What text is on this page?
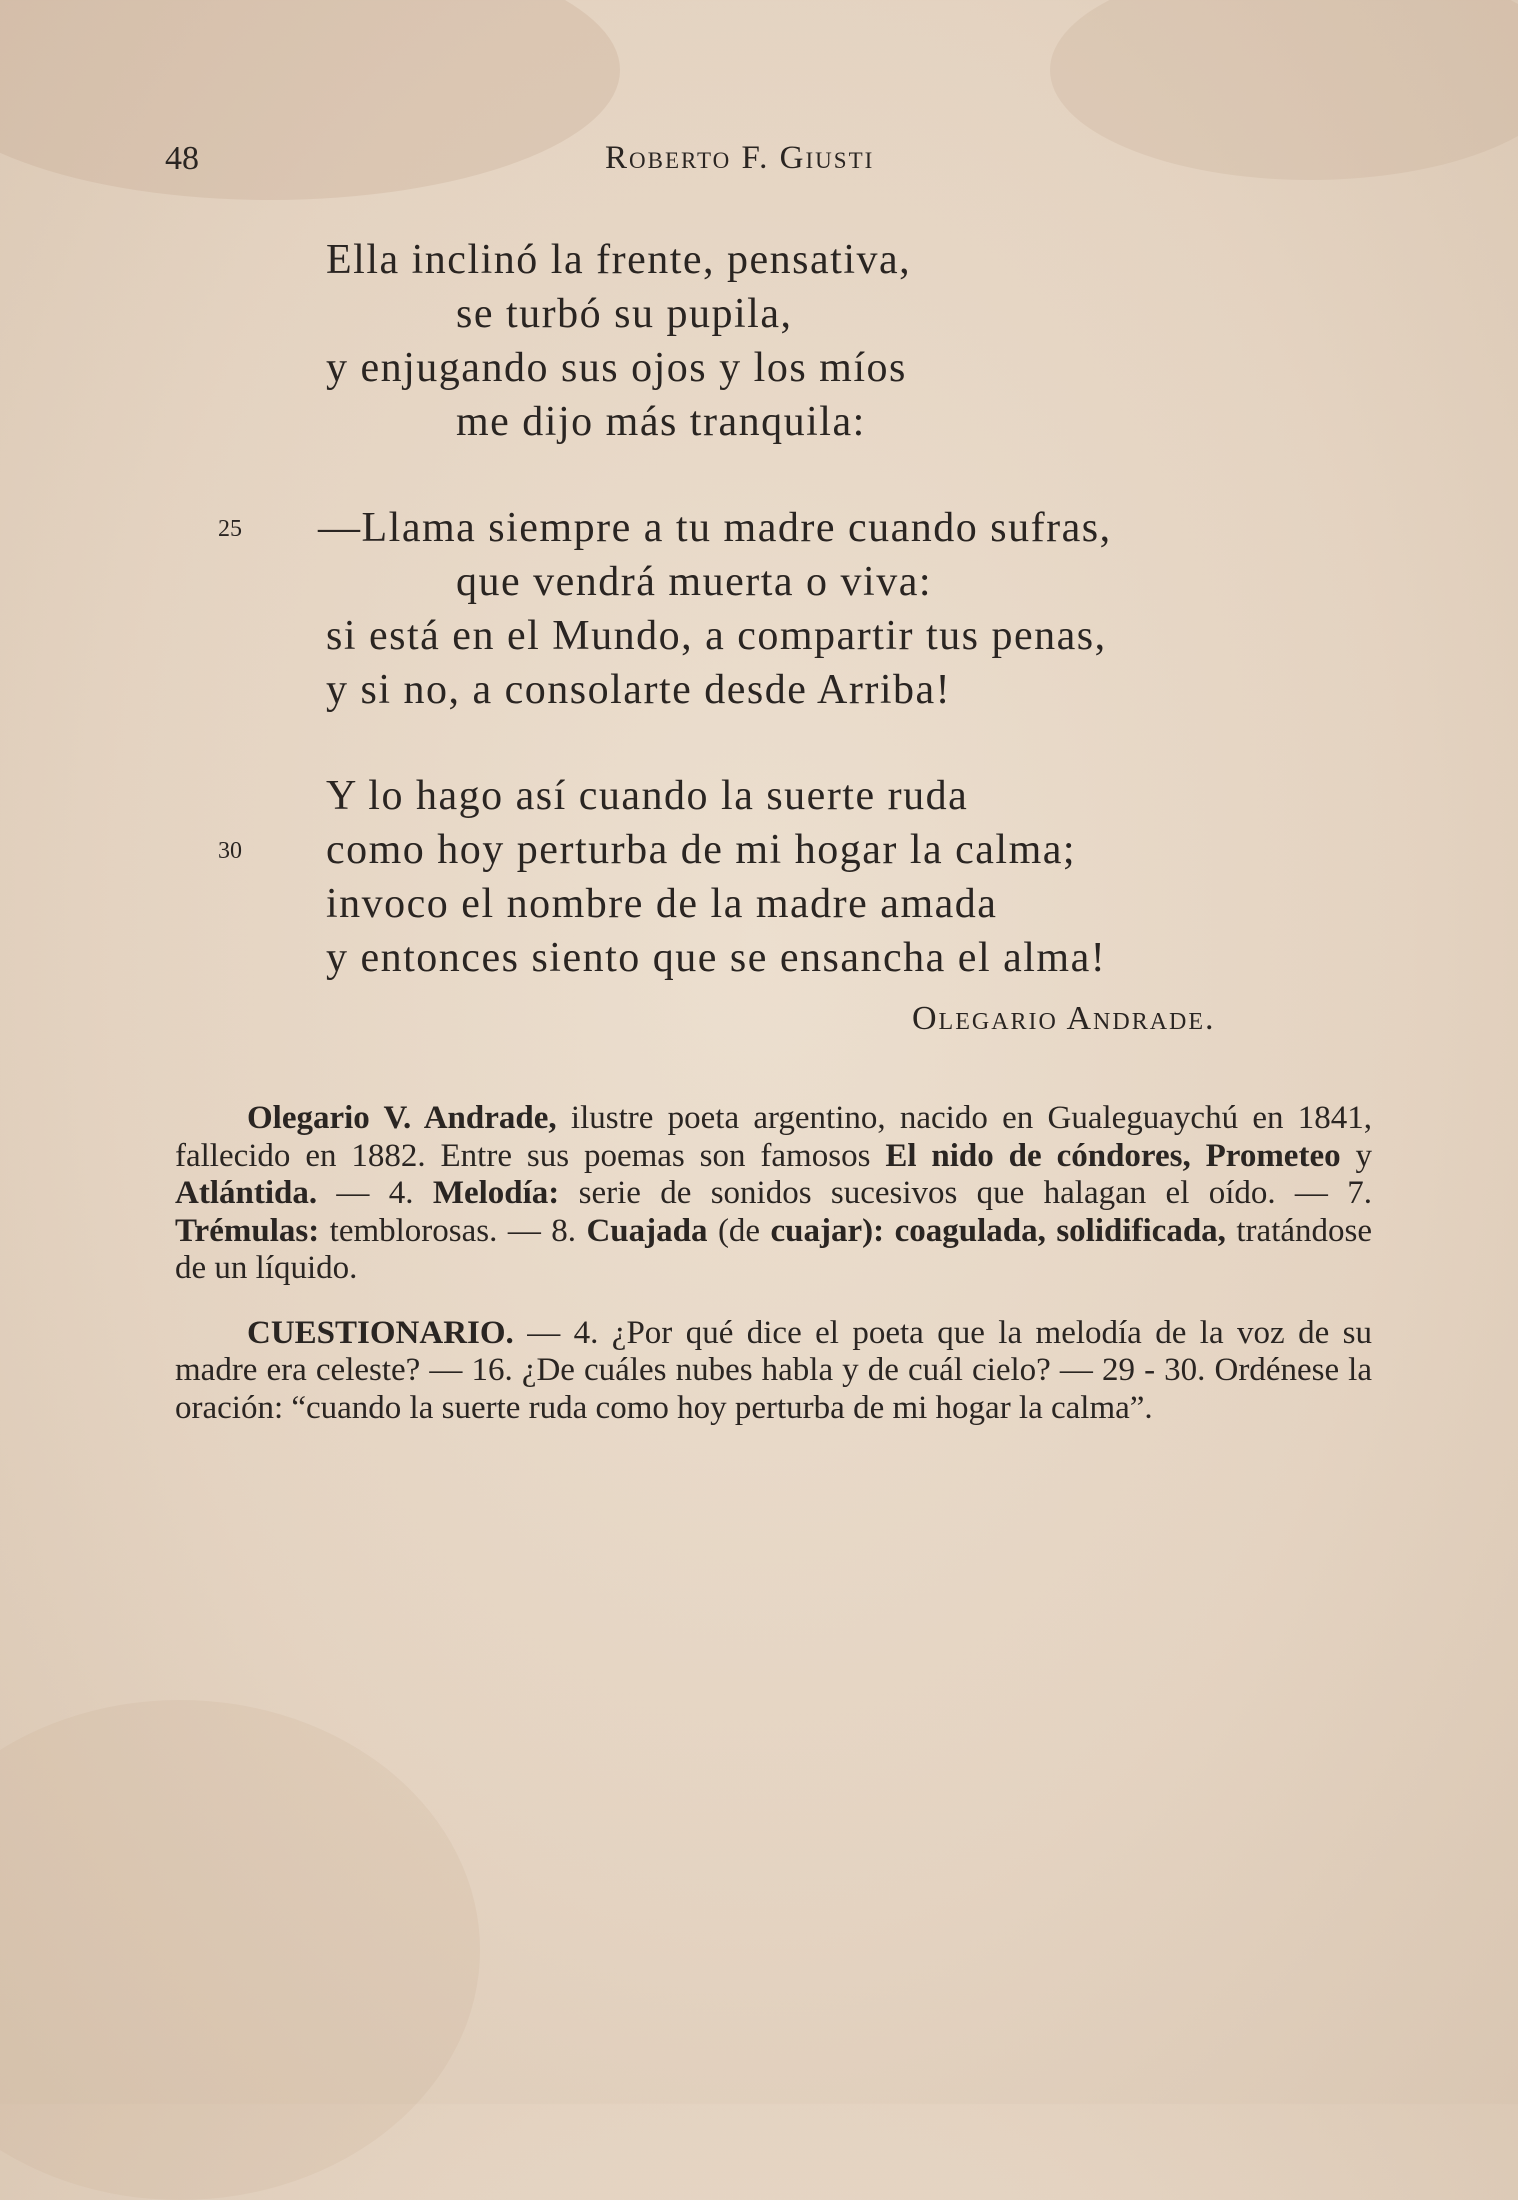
48	Roberto F. Giusti
Ella inclinó la frente, pensativa,
se turbó su pupila,
y enjugando sus ojos y los míos
me dijo más tranquila:
25 —Llama siempre a tu madre cuando sufras,
que vendrá muerta o viva:
si está en el Mundo, a compartir tus penas,
y si no, a consolarte desde Arriba!
Y lo hago así cuando la suerte ruda
30 como hoy perturba de mi hogar la calma;
invoco el nombre de la madre amada
y entonces siento que se ensancha el alma!
Olegario Andrade.

Olegario V. Andrade, ilustre poeta argentino, nacido en Gualeguaychú en 1841, fallecido en 1882. Entre sus poemas son famosos El nido de cóndores, Prometeo y Atlántida. — 4. Melodía: serie de sonidos sucesivos que halagan el oído. — 7. Trémulas: temblorosas. — 8. Cuajada (de cuajar): coagulada, solidificada, tratándose de un líquido.

CUESTIONARIO. — 4. ¿Por qué dice el poeta que la melodía de la voz de su madre era celeste? — 16. ¿De cuáles nubes habla y de cuál cielo? — 29 - 30. Ordénese la oración: “cuando la suerte ruda como hoy perturba de mi hogar la calma”.
